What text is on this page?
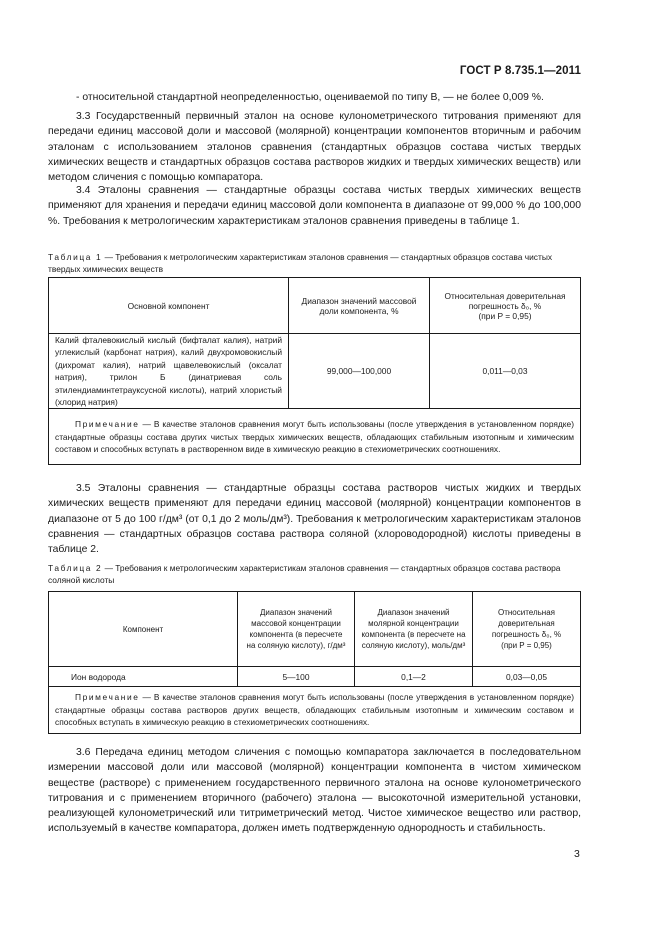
ГОСТ Р 8.735.1—2011

- относительной стандартной неопределенностью, оцениваемой по типу В, — не более 0,009 %.

3.3 Государственный первичный эталон на основе кулонометрического титрования применяют для передачи единиц массовой доли и массовой (молярной) концентрации компонентов вторичным и рабочим эталонам с использованием эталонов сравнения (стандартных образцов состава чистых твердых химических веществ и стандартных образцов состава растворов жидких и твердых химических веществ) или методом сличения с помощью компаратора.

3.4 Эталоны сравнения — стандартные образцы состава чистых твердых химических веществ применяют для хранения и передачи единиц массовой доли компонента в диапазоне от 99,000 % до 100,000 %. Требования к метрологическим характеристикам эталонов сравнения приведены в таблице 1.

Таблица 1 — Требования к метрологическим характеристикам эталонов сравнения — стандартных образцов состава чистых твердых химических веществ
Основной компонент	Диапазон значений массовой доли компонента, %	Относительная доверительная погрешность δ₀, %
(при P = 0,95)
Калий фталевокислый кислый (бифталат калия), натрий углекислый (карбонат натрия), калий двухромовокислый (дихромат калия), натрий щавелевокислый (оксалат натрия), трилон Б (динатриевая соль этилендиаминтетрауксусной кислоты), натрий хлористый (хлорид натрия)	99,000—100,000	0,011—0,03
Примечание — В качестве эталонов сравнения могут быть использованы (после утверждения в установленном порядке) стандартные образцы состава других чистых твердых химических веществ, обладающих стабильным изотопным и химическим составом и способных вступать в растворенном виде в химическую реакцию в стехиометрических соотношениях.		

3.5 Эталоны сравнения — стандартные образцы состава растворов чистых жидких и твердых химических веществ применяют для передачи единиц массовой (молярной) концентрации компонентов в диапазоне от 5 до 100 г/дм³ (от 0,1 до 2 моль/дм³). Требования к метрологическим характеристикам эталонов сравнения — стандартных образцов состава раствора соляной (хлороводородной) кислоты приведены в таблице 2.

Таблица 2 — Требования к метрологическим характеристикам эталонов сравнения — стандартных образцов состава раствора соляной кислоты
Компонент	Диапазон значений массовой концентрации компонента (в пересчете на соляную кислоту), г/дм³	Диапазон значений молярной концентрации компонента (в пересчете на соляную кислоту), моль/дм³	Относительная доверительная погрешность δ₀, %
(при P = 0,95)
Ион водорода	5—100	0,1—2	0,03—0,05
Примечание — В качестве эталонов сравнения могут быть использованы (после утверждения в установленном порядке) стандартные образцы состава растворов других веществ, обладающих стабильным изотопным и химическим составом и способных вступать в химическую реакцию в стехиометрических соотношениях.			

3.6 Передача единиц методом сличения с помощью компаратора заключается в последовательном измерении массовой доли или массовой (молярной) концентрации компонента в чистом химическом веществе (растворе) с применением государственного первичного эталона на основе кулонометрического титрования и с применением вторичного (рабочего) эталона — высокоточной измерительной установки, реализующей кулонометрический или титриметрический метод. Чистое химическое вещество или раствор, используемый в качестве компаратора, должен иметь подтвержденную однородность и стабильность.

3
